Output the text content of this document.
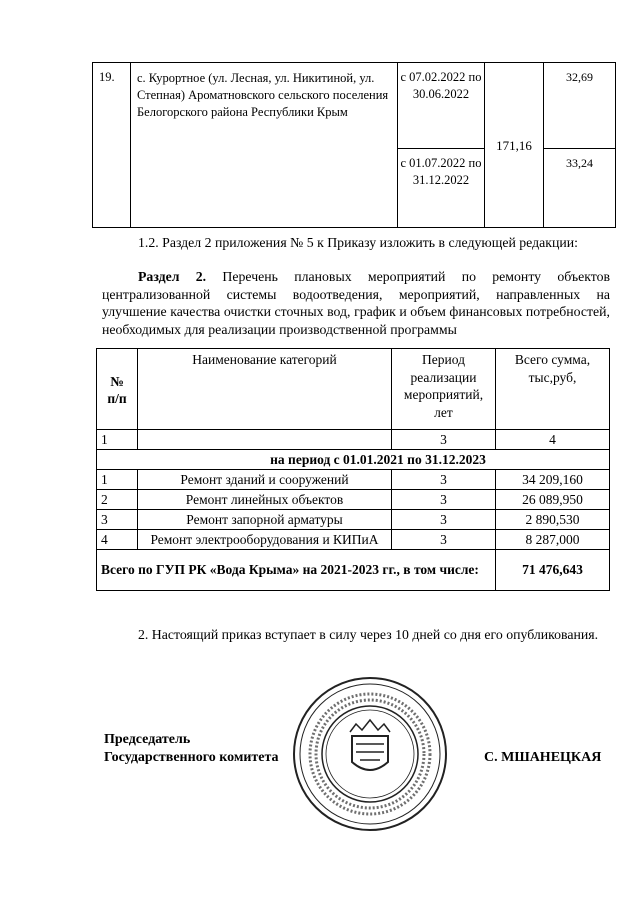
19.	с. Курортное (ул. Лесная, ул. Никитиной, ул. Степная) Ароматновского сельского поселения Белогорского района Республики Крым	с 07.02.2022 по 30.06.2022	171,16	32,69
		с 01.07.2022 по 31.12.2022		33,24
1.2. Раздел 2 приложения № 5 к Приказу изложить в следующей редакции:
Раздел 2. Перечень плановых мероприятий по ремонту объектов централизованной системы водоотведения, мероприятий, направленных на улучшение качества очистки сточных вод, график и объем финансовых потребностей, необходимых для реализации производственной программы
№ п/п	Наименование категорий	Период реализации мероприятий, лет	Всего сумма, тыс,руб,

1		3	4
на период с 01.01.2021 по 31.12.2023			
1	Ремонт зданий и сооружений	3	34 209,160
2	Ремонт линейных объектов	3	26 089,950
3	Ремонт запорной арматуры	3	2 890,530
4	Ремонт электрооборудования и КИПиА	3	8 287,000
Всего по ГУП РК «Вода Крыма» на 2021-2023 гг., в том числе:			71 476,643
2. Настоящий приказ вступает в силу через 10 дней со дня его опубликования.
Председатель
Государственного комитета	С. МШАНЕЦКАЯ
